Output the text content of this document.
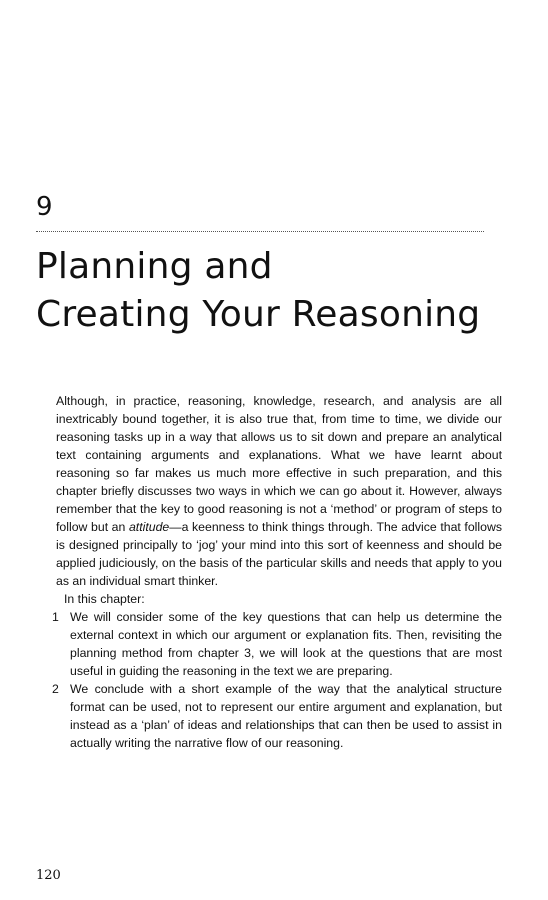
9
Planning and
Creating Your Reasoning

Although, in practice, reasoning, knowledge, research, and analysis are all inextricably bound together, it is also true that, from time to time, we divide our reasoning tasks up in a way that allows us to sit down and prepare an analytical text containing arguments and explanations. What we have learnt about reasoning so far makes us much more effective in such preparation, and this chapter briefly discusses two ways in which we can go about it. However, always remember that the key to good reasoning is not a ‘method’ or program of steps to follow but an attitude—a keenness to think things through. The advice that follows is designed principally to ‘jog’ your mind into this sort of keenness and should be applied judiciously, on the basis of the particular skills and needs that apply to you as an individual smart thinker.

In this chapter:

1 We will consider some of the key questions that can help us determine the external context in which our argument or explanation fits. Then, revisiting the planning method from chapter 3, we will look at the questions that are most useful in guiding the reasoning in the text we are preparing.
2 We conclude with a short example of the way that the analytical structure format can be used, not to represent our entire argument and explanation, but instead as a ‘plan’ of ideas and relationships that can then be used to assist in actually writing the narrative flow of our reasoning.
120
